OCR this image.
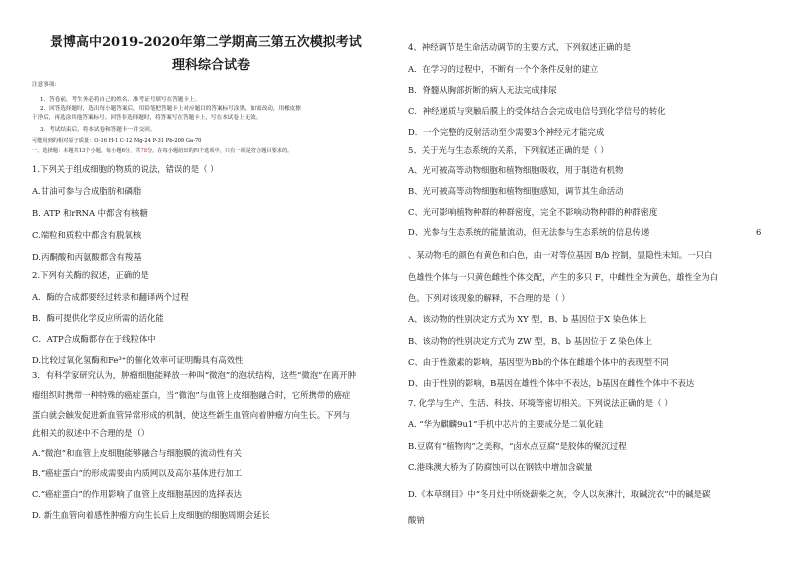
景博高中2019-2020年第二学期高三第五次模拟考试
理科综合试卷
注意事项：
1．答卷前，考生务必将自己的姓名、准考证号填写在答题卡上。
2．回答选择题时，选出每小题答案后，用铅笔把答题卡上对应题目的答案标号涂黑，如需改动，用橡皮擦
干净后，再选涂其他答案标号。回答非选择题时，将答案写在答题卡上，写在本试卷上无效。
3．考试结束后，将本试卷和答题卡一并交回。
可能用到的相对原子质量：O-16 H-1 C-12 Mg-24 P-31 Pb-209 Ga-70
一、选择题：本题共13个小题，每小题6分，共78分。在每小题给出的四个选项中，只有一项是符合题目要求的。
1.下列关于组成细胞的物质的说法，错误的是（ ）
A.甘油可参与合成脂肪和磷脂
B. ATP 和rRNA 中都含有核糖
C.端粒和质粒中都含有脱氧核
D.丙酮酸和丙氨酸都含有羧基
2.下列有关酶的叙述，正确的是
A．酶的合成都要经过转录和翻译两个过程
B．酶可提供化学反应所需的活化能
C．ATP合成酶都存在于线粒体中
D.比较过氧化氢酶和Fe³⁺的催化效率可证明酶具有高效性
3．有科学家研究认为，肿瘤细胞能释放一种叫“微泡”的泡状结构，这些“微泡”在离开肿
瘤组织时携带一种特殊的癌症蛋白，当“微泡”与血管上皮细胞融合时，它所携带的癌症
蛋白就会触发促进新血管异常形成的机制，使这些新生血管向着肿瘤方向生长。下列与
此相关的叙述中不合理的是（）
A.“微泡”和血管上皮细胞能够融合与细胞膜的流动性有关
B.“癌症蛋白”的形成需要由内质网以及高尔基体进行加工
C.“癌症蛋白”的作用影响了血管上皮细胞基因的选择表达
D. 新生血管向着感性肿瘤方向生长后上皮细胞的细胞周期会延长
4、神经调节是生命活动调节的主要方式，下列叙述正确的是
A．在学习的过程中，不断有一个个条件反射的建立
B．脊髓从胸部折断的病人无法完成排尿
C．神经递质与突触后膜上的受体结合会完成电信号到化学信号的转化
D．一个完整的反射活动至少需要3个神经元才能完成
5、关于光与生态系统的关系，下列叙述正确的是（ ）
A、光可被高等动物细胞和植物细胞吸收，用于制造有机物
B、光可被高等动物细胞和植物细胞感知，调节其生命活动
C、光可影响植物种群的种群密度，完全不影响动物种群的种群密度
D、光参与生态系统的能量流动，但无法参与生态系统的信息传递	6
、某动物毛的颜色有黄色和白色，由一对等位基因 B/b 控制，显隐性未知。一只白
色雄性个体与一只黄色雌性个体交配，产生的多只 F，中雌性全为黄色，雄性全为白
色。下列对该现象的解释，不合理的是（ ）
A、该动物的性别决定方式为 XY 型，B、b 基因位于X 染色体上
B、该动物的性别决定方式为 ZW 型，B、b 基因位于 Z 染色体上
C、由于性激素的影响，基因型为Bb的个体在雌雄个体中的表现型不同
D、由于性别的影响，B基因在雄性个体中不表达，b基因在雌性个体中不表达
7. 化学与生产、生活、科技、环境等密切相关。下列说法正确的是（ ）
A. “华为麒麟9u1”手机中芯片的主要成分是二氧化硅
B.豆腐有“植物肉”之美称，“卤水点豆腐”是胶体的聚沉过程
C.港珠澳大桥为了防腐蚀可以在钢铁中增加含碳量
D.《本草纲目》中“冬月灶中所烧薪柴之灰，令人以灰淋汁，取碱浣衣”中的碱是碳
酸钠
